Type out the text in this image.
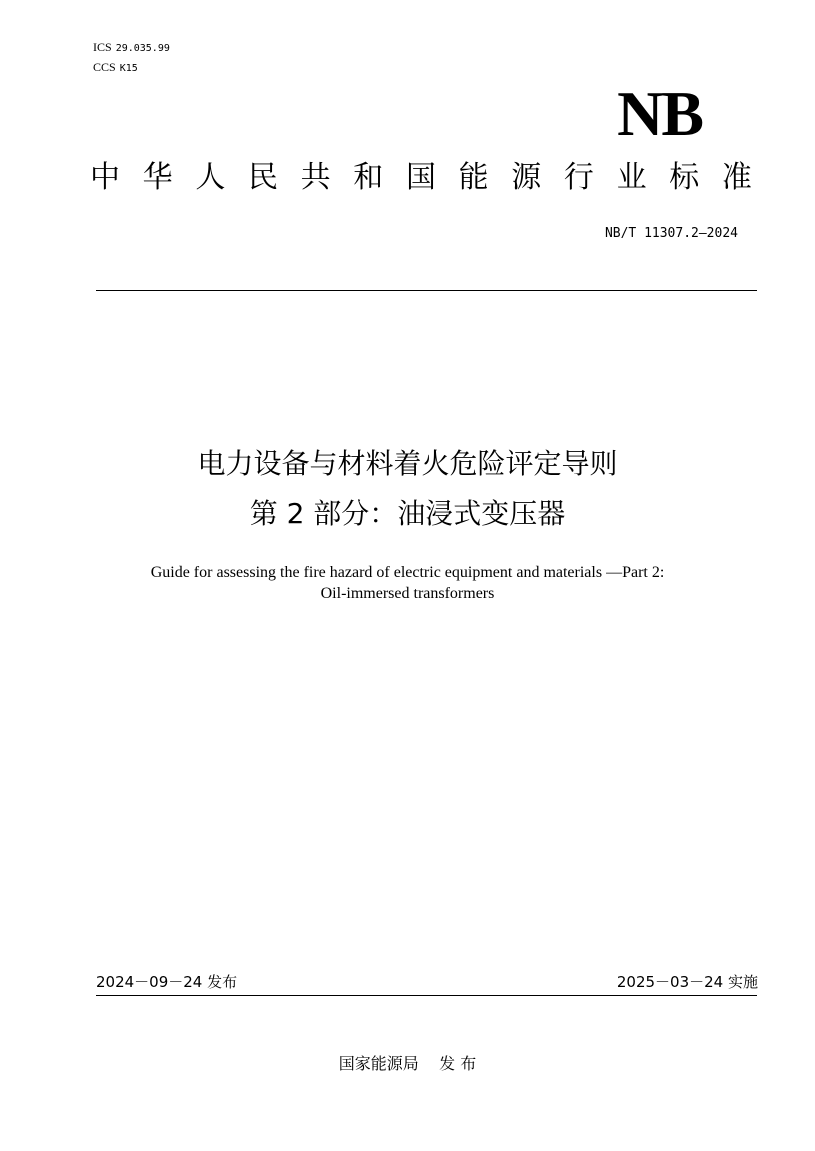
ICS 29.035.99
CCS K15
NB
中 华 人 民 共 和 国 能 源 行 业 标 准
NB/T 11307.2—2024
电力设备与材料着火危险评定导则
第 2 部分：油浸式变压器
Guide for assessing the fire hazard of electric equipment and materials —Part 2:
Oil-immersed transformers
2024－09－24 发布	2025－03－24 实施
国家能源局    发 布
